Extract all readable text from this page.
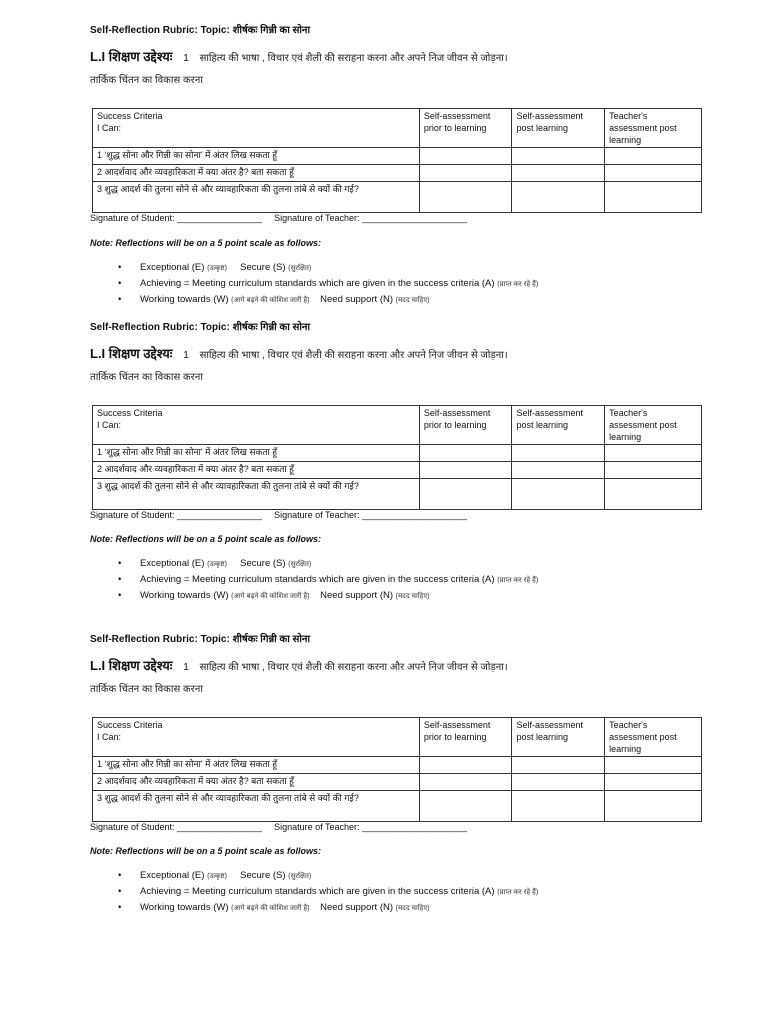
Self-Reflection Rubric: Topic: शीर्षकः गिन्नी का सोना
L.I शिक्षण उद्देश्यः 1 साहित्य की भाषा , विचार एवं शैली की सराहना करना और अपने निज जीवन से जोड़ना।
तार्किक चिंतन का विकास करना
Success Criteria
I Can:	Self-assessment prior to learning	Self-assessment post learning	Teacher's assessment post learning
1 ‘शुद्ध सोना और गिन्नी का सोना’ में अंतर लिख सकता हूँ			
2 आदर्शवाद और व्यवहारिकता में क्या अंतर है? बता सकता हूँ			
3 शुद्ध आदर्श की तुलना सोने से और व्यावहारिकता की तुलना तांबे से क्यों की गई?			
Signature of Student: _________________ Signature of Teacher: _____________________
Note: Reflections will be on a 5 point scale as follows:
• Exceptional (E) (उत्कृष्ट) Secure (S) (सुरक्षित)
• Achieving = Meeting curriculum standards which are given in the success criteria (A) (प्राप्त कर रहे हैं)
• Working towards (W) (आगे बढ़ने की कोशिश जारी है) Need support (N) (मदद चाहिए)
Self-Reflection Rubric: Topic: शीर्षकः गिन्नी का सोना
L.I शिक्षण उद्देश्यः 1 साहित्य की भाषा , विचार एवं शैली की सराहना करना और अपने निज जीवन से जोड़ना।
तार्किक चिंतन का विकास करना
Success Criteria
I Can:	Self-assessment prior to learning	Self-assessment post learning	Teacher's assessment post learning
1 ‘शुद्ध सोना और गिन्नी का सोना’ में अंतर लिख सकता हूँ			
2 आदर्शवाद और व्यवहारिकता में क्या अंतर है? बता सकता हूँ			
3 शुद्ध आदर्श की तुलना सोने से और व्यावहारिकता की तुलना तांबे से क्यों की गई?			
Signature of Student: _________________ Signature of Teacher: _____________________
Note: Reflections will be on a 5 point scale as follows:
• Exceptional (E) (उत्कृष्ट) Secure (S) (सुरक्षित)
• Achieving = Meeting curriculum standards which are given in the success criteria (A) (प्राप्त कर रहे हैं)
• Working towards (W) (आगे बढ़ने की कोशिश जारी है) Need support (N) (मदद चाहिए)
Self-Reflection Rubric: Topic: शीर्षकः गिन्नी का सोना
L.I शिक्षण उद्देश्यः 1 साहित्य की भाषा , विचार एवं शैली की सराहना करना और अपने निज जीवन से जोड़ना।
तार्किक चिंतन का विकास करना
Success Criteria
I Can:	Self-assessment prior to learning	Self-assessment post learning	Teacher's assessment post learning
1 ‘शुद्ध सोना और गिन्नी का सोना’ में अंतर लिख सकता हूँ			
2 आदर्शवाद और व्यवहारिकता में क्या अंतर है? बता सकता हूँ			
3 शुद्ध आदर्श की तुलना सोने से और व्यावहारिकता की तुलना तांबे से क्यों की गई?			
Signature of Student: _________________ Signature of Teacher: _____________________
Note: Reflections will be on a 5 point scale as follows:
• Exceptional (E) (उत्कृष्ट) Secure (S) (सुरक्षित)
• Achieving = Meeting curriculum standards which are given in the success criteria (A) (प्राप्त कर रहे हैं)
• Working towards (W) (आगे बढ़ने की कोशिश जारी है) Need support (N) (मदद चाहिए)
